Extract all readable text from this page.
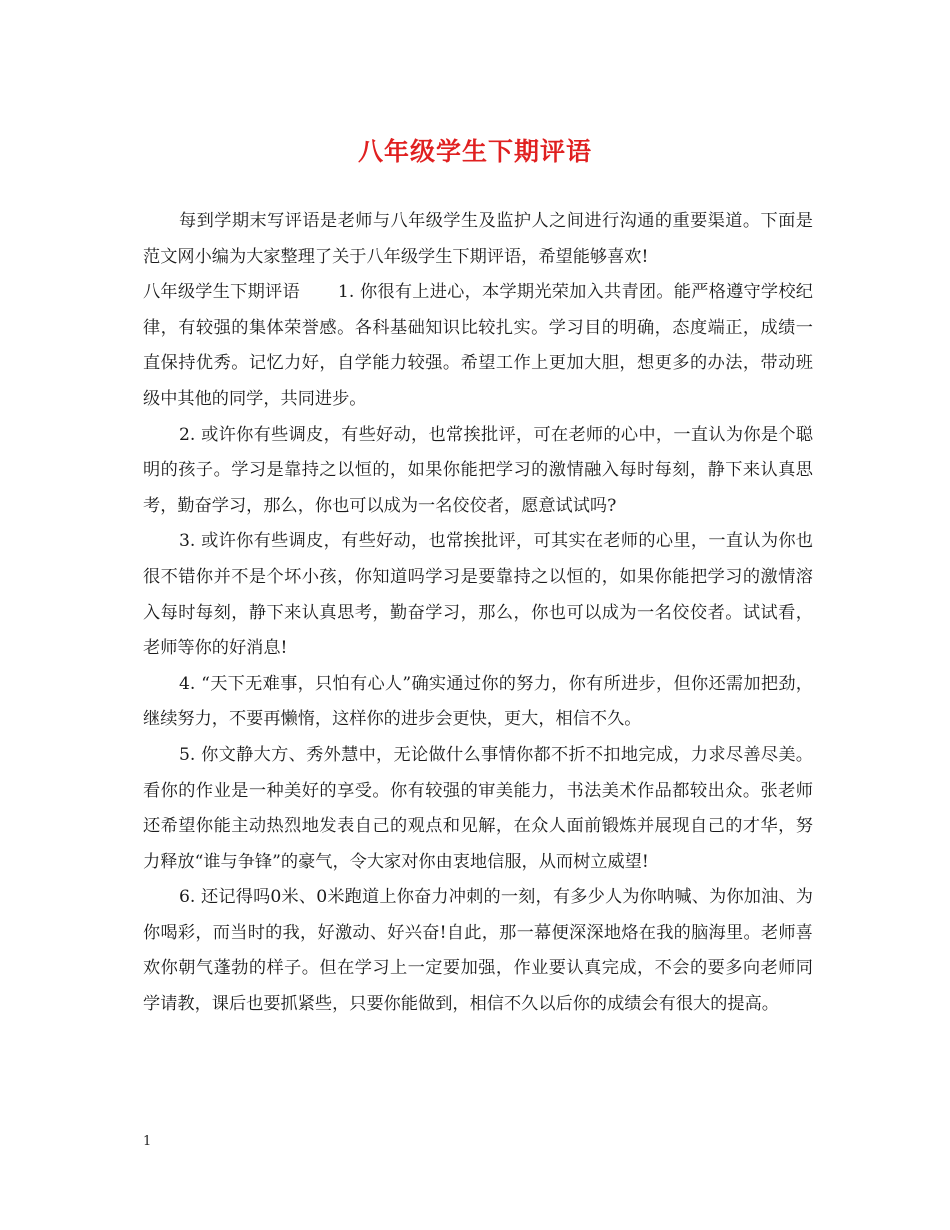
八年级学生下期评语

每到学期末写评语是老师与八年级学生及监护人之间进行沟通的重要渠道。下面是范文网小编为大家整理了关于八年级学生下期评语，希望能够喜欢!

八年级学生下期评语 1. 你很有上进心，本学期光荣加入共青团。能严格遵守学校纪律，有较强的集体荣誉感。各科基础知识比较扎实。学习目的明确，态度端正，成绩一直保持优秀。记忆力好，自学能力较强。希望工作上更加大胆，想更多的办法，带动班级中其他的同学，共同进步。

2. 或许你有些调皮，有些好动，也常挨批评，可在老师的心中，一直认为你是个聪明的孩子。学习是靠持之以恒的，如果你能把学习的激情融入每时每刻，静下来认真思考，勤奋学习，那么，你也可以成为一名佼佼者，愿意试试吗?

3. 或许你有些调皮，有些好动，也常挨批评，可其实在老师的心里，一直认为你也很不错你并不是个坏小孩，你知道吗学习是要靠持之以恒的，如果你能把学习的激情溶入每时每刻，静下来认真思考，勤奋学习，那么，你也可以成为一名佼佼者。试试看，老师等你的好消息!

4. “天下无难事，只怕有心人”确实通过你的努力，你有所进步，但你还需加把劲，继续努力，不要再懒惰，这样你的进步会更快，更大，相信不久。

5. 你文静大方、秀外慧中，无论做什么事情你都不折不扣地完成，力求尽善尽美。看你的作业是一种美好的享受。你有较强的审美能力，书法美术作品都较出众。张老师还希望你能主动热烈地发表自己的观点和见解，在众人面前锻炼并展现自己的才华，努力释放“谁与争锋”的豪气，令大家对你由衷地信服，从而树立威望!

6. 还记得吗0米、0米跑道上你奋力冲刺的一刻，有多少人为你呐喊、为你加油、为你喝彩，而当时的我，好激动、好兴奋!自此，那一幕便深深地烙在我的脑海里。老师喜欢你朝气蓬勃的样子。但在学习上一定要加强，作业要认真完成，不会的要多向老师同学请教，课后也要抓紧些，只要你能做到，相信不久以后你的成绩会有很大的提高。

1
